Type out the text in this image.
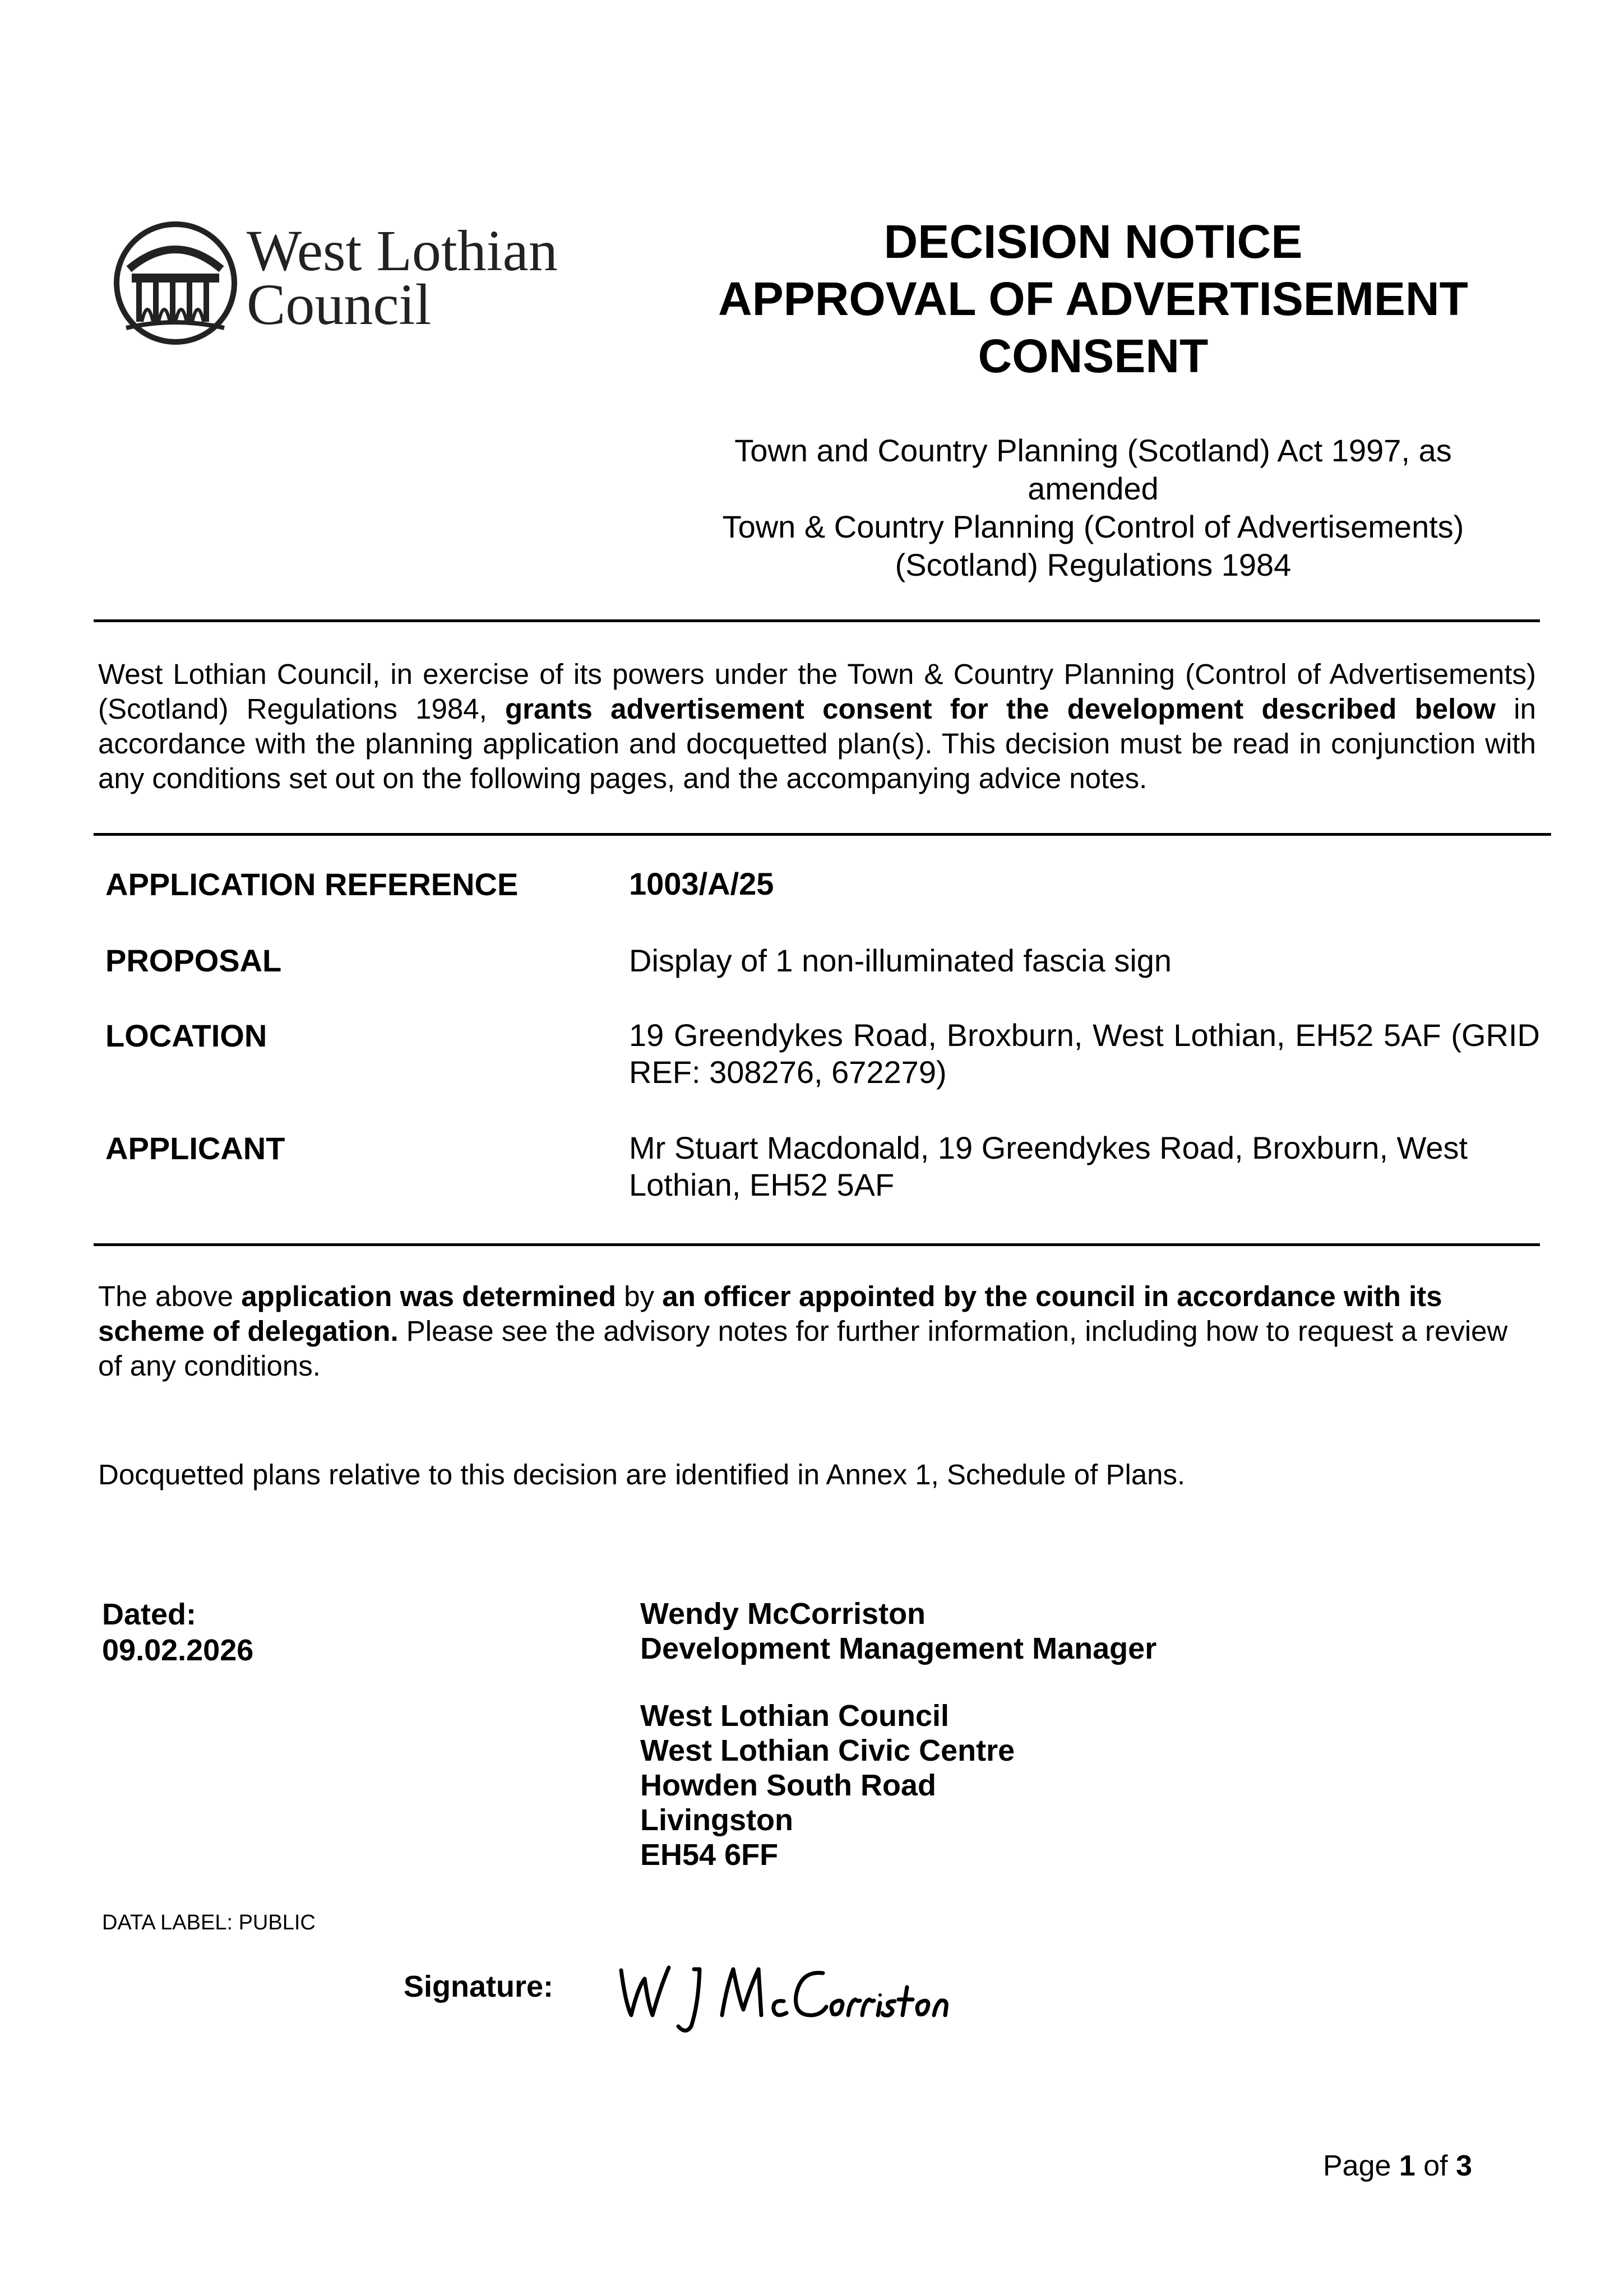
West Lothian
Council
DECISION NOTICE
APPROVAL OF ADVERTISEMENT
CONSENT
Town and Country Planning (Scotland) Act 1997, as
amended
Town & Country Planning (Control of Advertisements)
(Scotland) Regulations 1984
West Lothian Council, in exercise of its powers under the Town & Country Planning (Control of Advertisements) (Scotland) Regulations 1984, grants advertisement consent for the development described below in accordance with the planning application and docquetted plan(s). This decision must be read in conjunction with any conditions set out on the following pages, and the accompanying advice notes.
APPLICATION REFERENCE	1003/A/25
PROPOSAL	Display of 1 non-illuminated fascia sign
LOCATION	19 Greendykes Road, Broxburn, West Lothian, EH52 5AF (GRID REF: 308276, 672279)
APPLICANT	Mr Stuart Macdonald, 19 Greendykes Road, Broxburn, West Lothian, EH52 5AF
The above application was determined by an officer appointed by the council in accordance with its scheme of delegation. Please see the advisory notes for further information, including how to request a review of any conditions.
Docquetted plans relative to this decision are identified in Annex 1, Schedule of Plans.
Dated:
09.02.2026
Wendy McCorriston
Development Management Manager
West Lothian Council
West Lothian Civic Centre
Howden South Road
Livingston
EH54 6FF
DATA LABEL: PUBLIC
Signature:
Page 1 of 3
